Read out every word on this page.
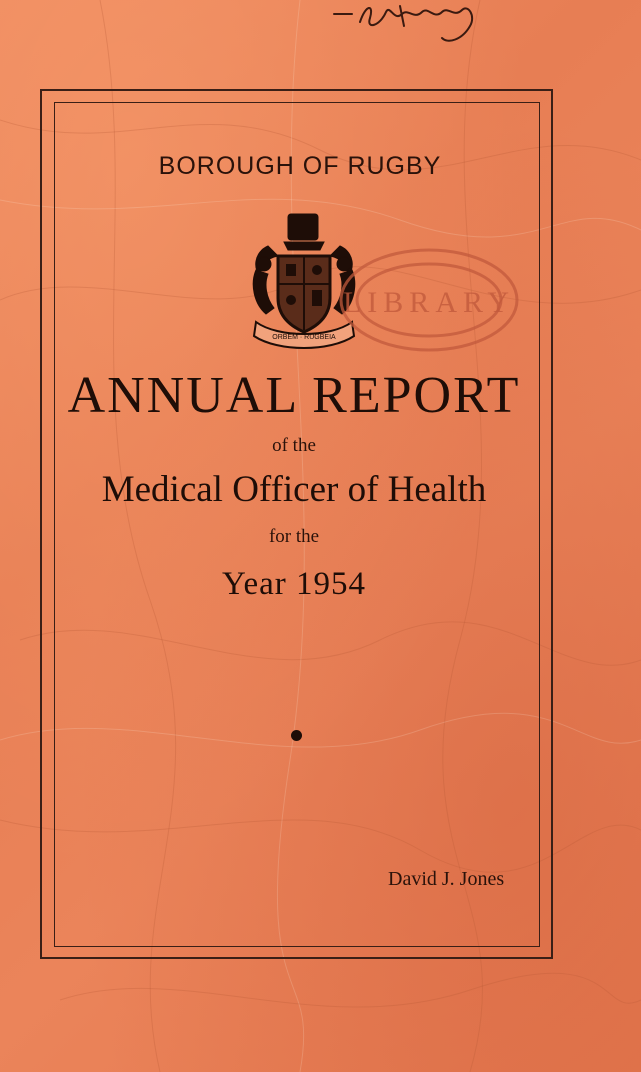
BOROUGH OF RUGBY
ORBEM · RUGBEIA
LIBRARY
ANNUAL REPORT
of the
Medical Officer of Health
for the
Year 1954
David J. Jones
